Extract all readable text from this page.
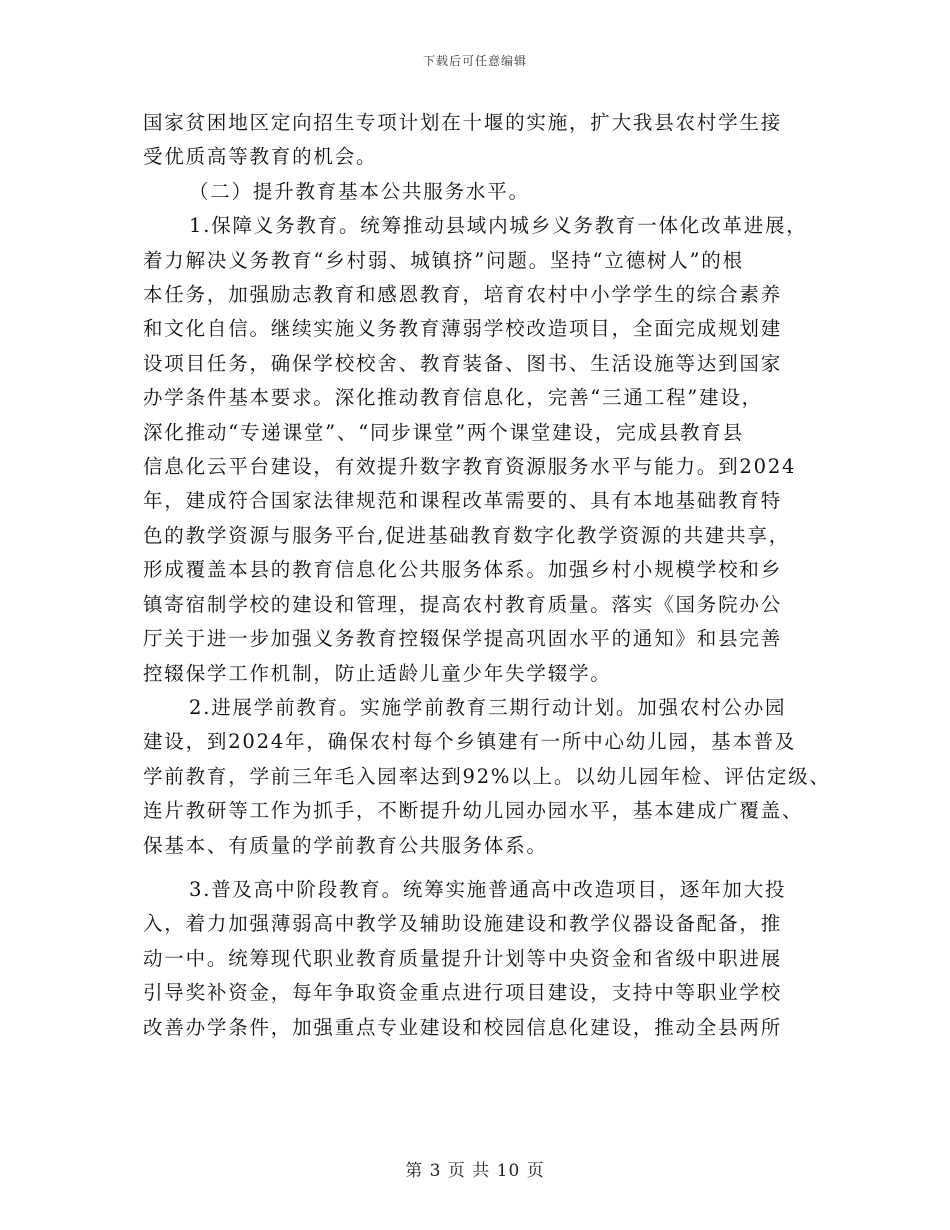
下载后可任意编辑
国家贫困地区定向招生专项计划在十堰的实施，扩大我县农村学生接
受优质高等教育的机会。
（二）提升教育基本公共服务水平。
1.保障义务教育。统筹推动县域内城乡义务教育一体化改革进展，
着力解决义务教育“乡村弱、城镇挤”问题。坚持“立德树人”的根
本任务，加强励志教育和感恩教育，培育农村中小学学生的综合素养
和文化自信。继续实施义务教育薄弱学校改造项目，全面完成规划建
设项目任务，确保学校校舍、教育装备、图书、生活设施等达到国家
办学条件基本要求。深化推动教育信息化，完善“三通工程”建设，
深化推动“专递课堂”、“同步课堂”两个课堂建设，完成县教育县
信息化云平台建设，有效提升数字教育资源服务水平与能力。到2024
年，建成符合国家法律规范和课程改革需要的、具有本地基础教育特
色的教学资源与服务平台,促进基础教育数字化教学资源的共建共享，
形成覆盖本县的教育信息化公共服务体系。加强乡村小规模学校和乡
镇寄宿制学校的建设和管理，提高农村教育质量。落实《国务院办公
厅关于进一步加强义务教育控辍保学提高巩固水平的通知》和县完善
控辍保学工作机制，防止适龄儿童少年失学辍学。
2.进展学前教育。实施学前教育三期行动计划。加强农村公办园
建设，到2024年，确保农村每个乡镇建有一所中心幼儿园，基本普及
学前教育，学前三年毛入园率达到92%以上。以幼儿园年检、评估定级、
连片教研等工作为抓手，不断提升幼儿园办园水平，基本建成广覆盖、
保基本、有质量的学前教育公共服务体系。
3.普及高中阶段教育。统筹实施普通高中改造项目，逐年加大投
入，着力加强薄弱高中教学及辅助设施建设和教学仪器设备配备，推
动一中。统筹现代职业教育质量提升计划等中央资金和省级中职进展
引导奖补资金，每年争取资金重点进行项目建设，支持中等职业学校
改善办学条件，加强重点专业建设和校园信息化建设，推动全县两所
第 3 页 共 10 页
